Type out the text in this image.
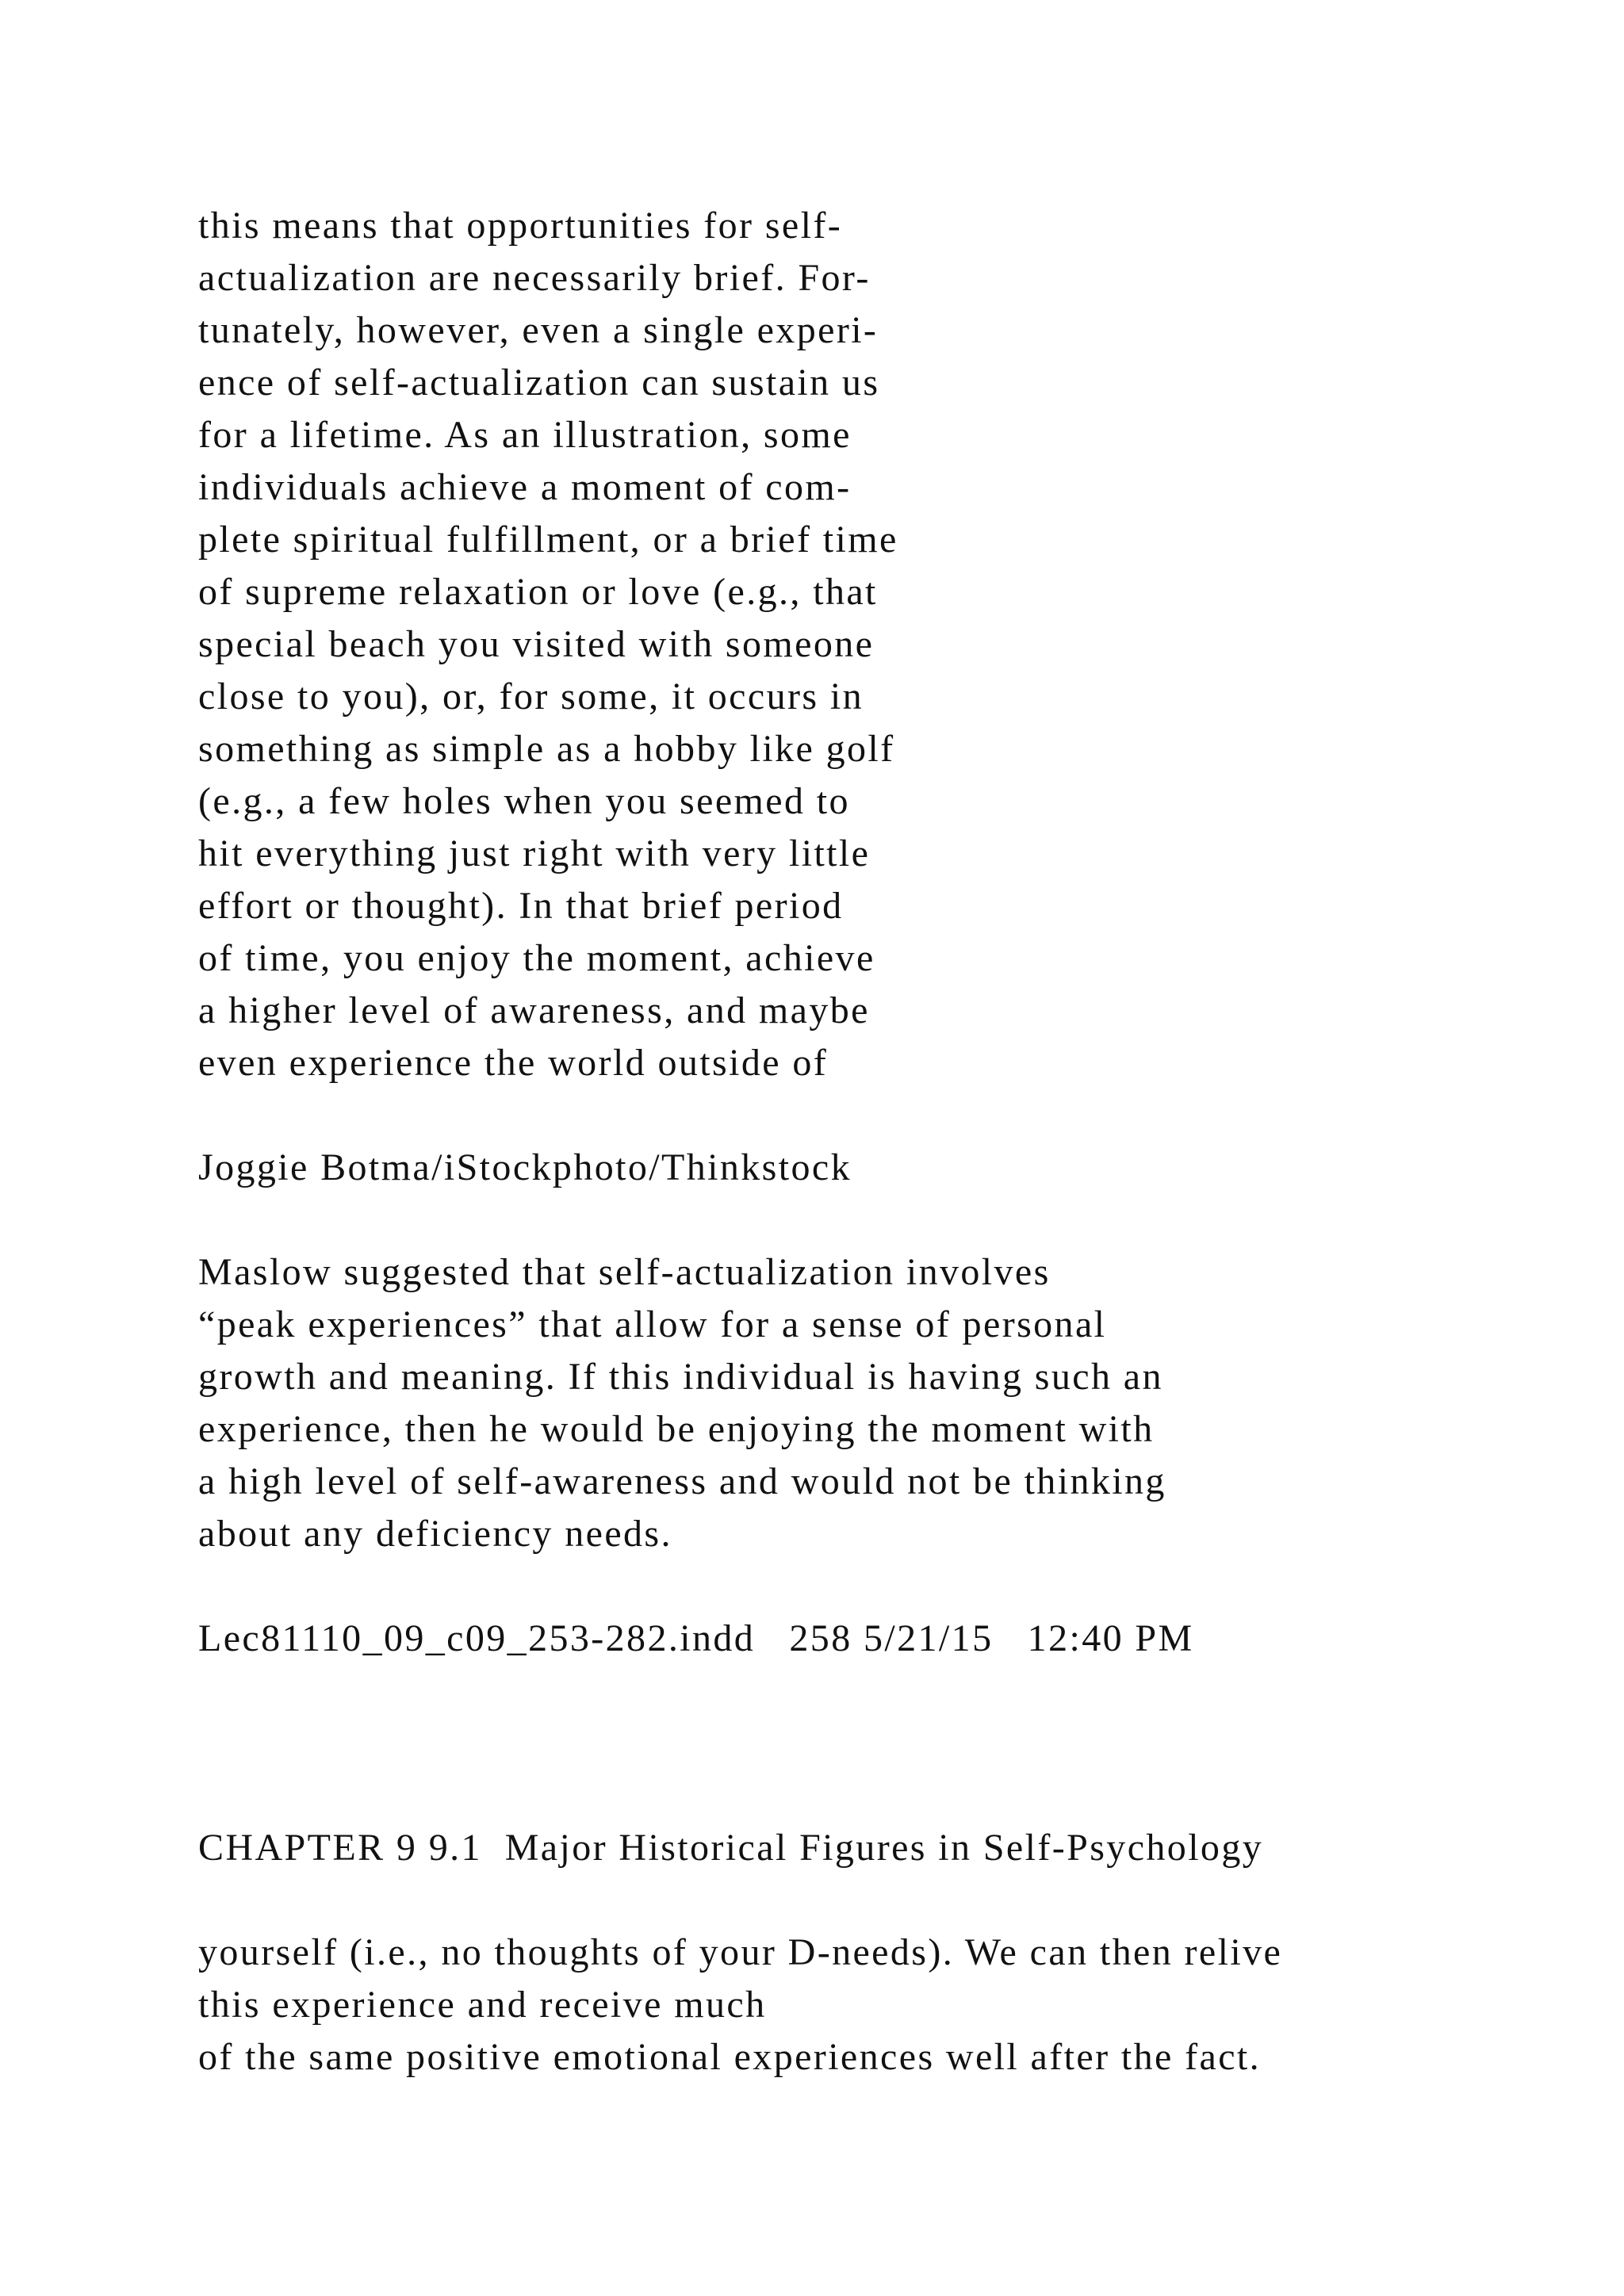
this means that opportunities for self-

actualization are necessarily brief. For-

tunately, however, even a single experi-

ence of self-actualization can sustain us

for a lifetime. As an illustration, some

individuals achieve a moment of com-

plete spiritual fulfillment, or a brief time

of supreme relaxation or love (e.g., that

special beach you visited with someone

close to you), or, for some, it occurs in

something as simple as a hobby like golf

(e.g., a few holes when you seemed to

hit everything just right with very little

effort or thought). In that brief period

of time, you enjoy the moment, achieve

a higher level of awareness, and maybe

even experience the world outside of

Joggie Botma/iStockphoto/Thinkstock

Maslow suggested that self-actualization involves

“peak experiences” that allow for a sense of personal

growth and meaning. If this individual is having such an

experience, then he would be enjoying the moment with

a high level of self-awareness and would not be thinking

about any deficiency needs.

Lec81110_09_c09_253-282.indd   258 5/21/15   12:40 PM

CHAPTER 9 9.1  Major Historical Figures in Self-Psychology

yourself (i.e., no thoughts of your D-needs). We can then relive

this experience and receive much

of the same positive emotional experiences well after the fact.
